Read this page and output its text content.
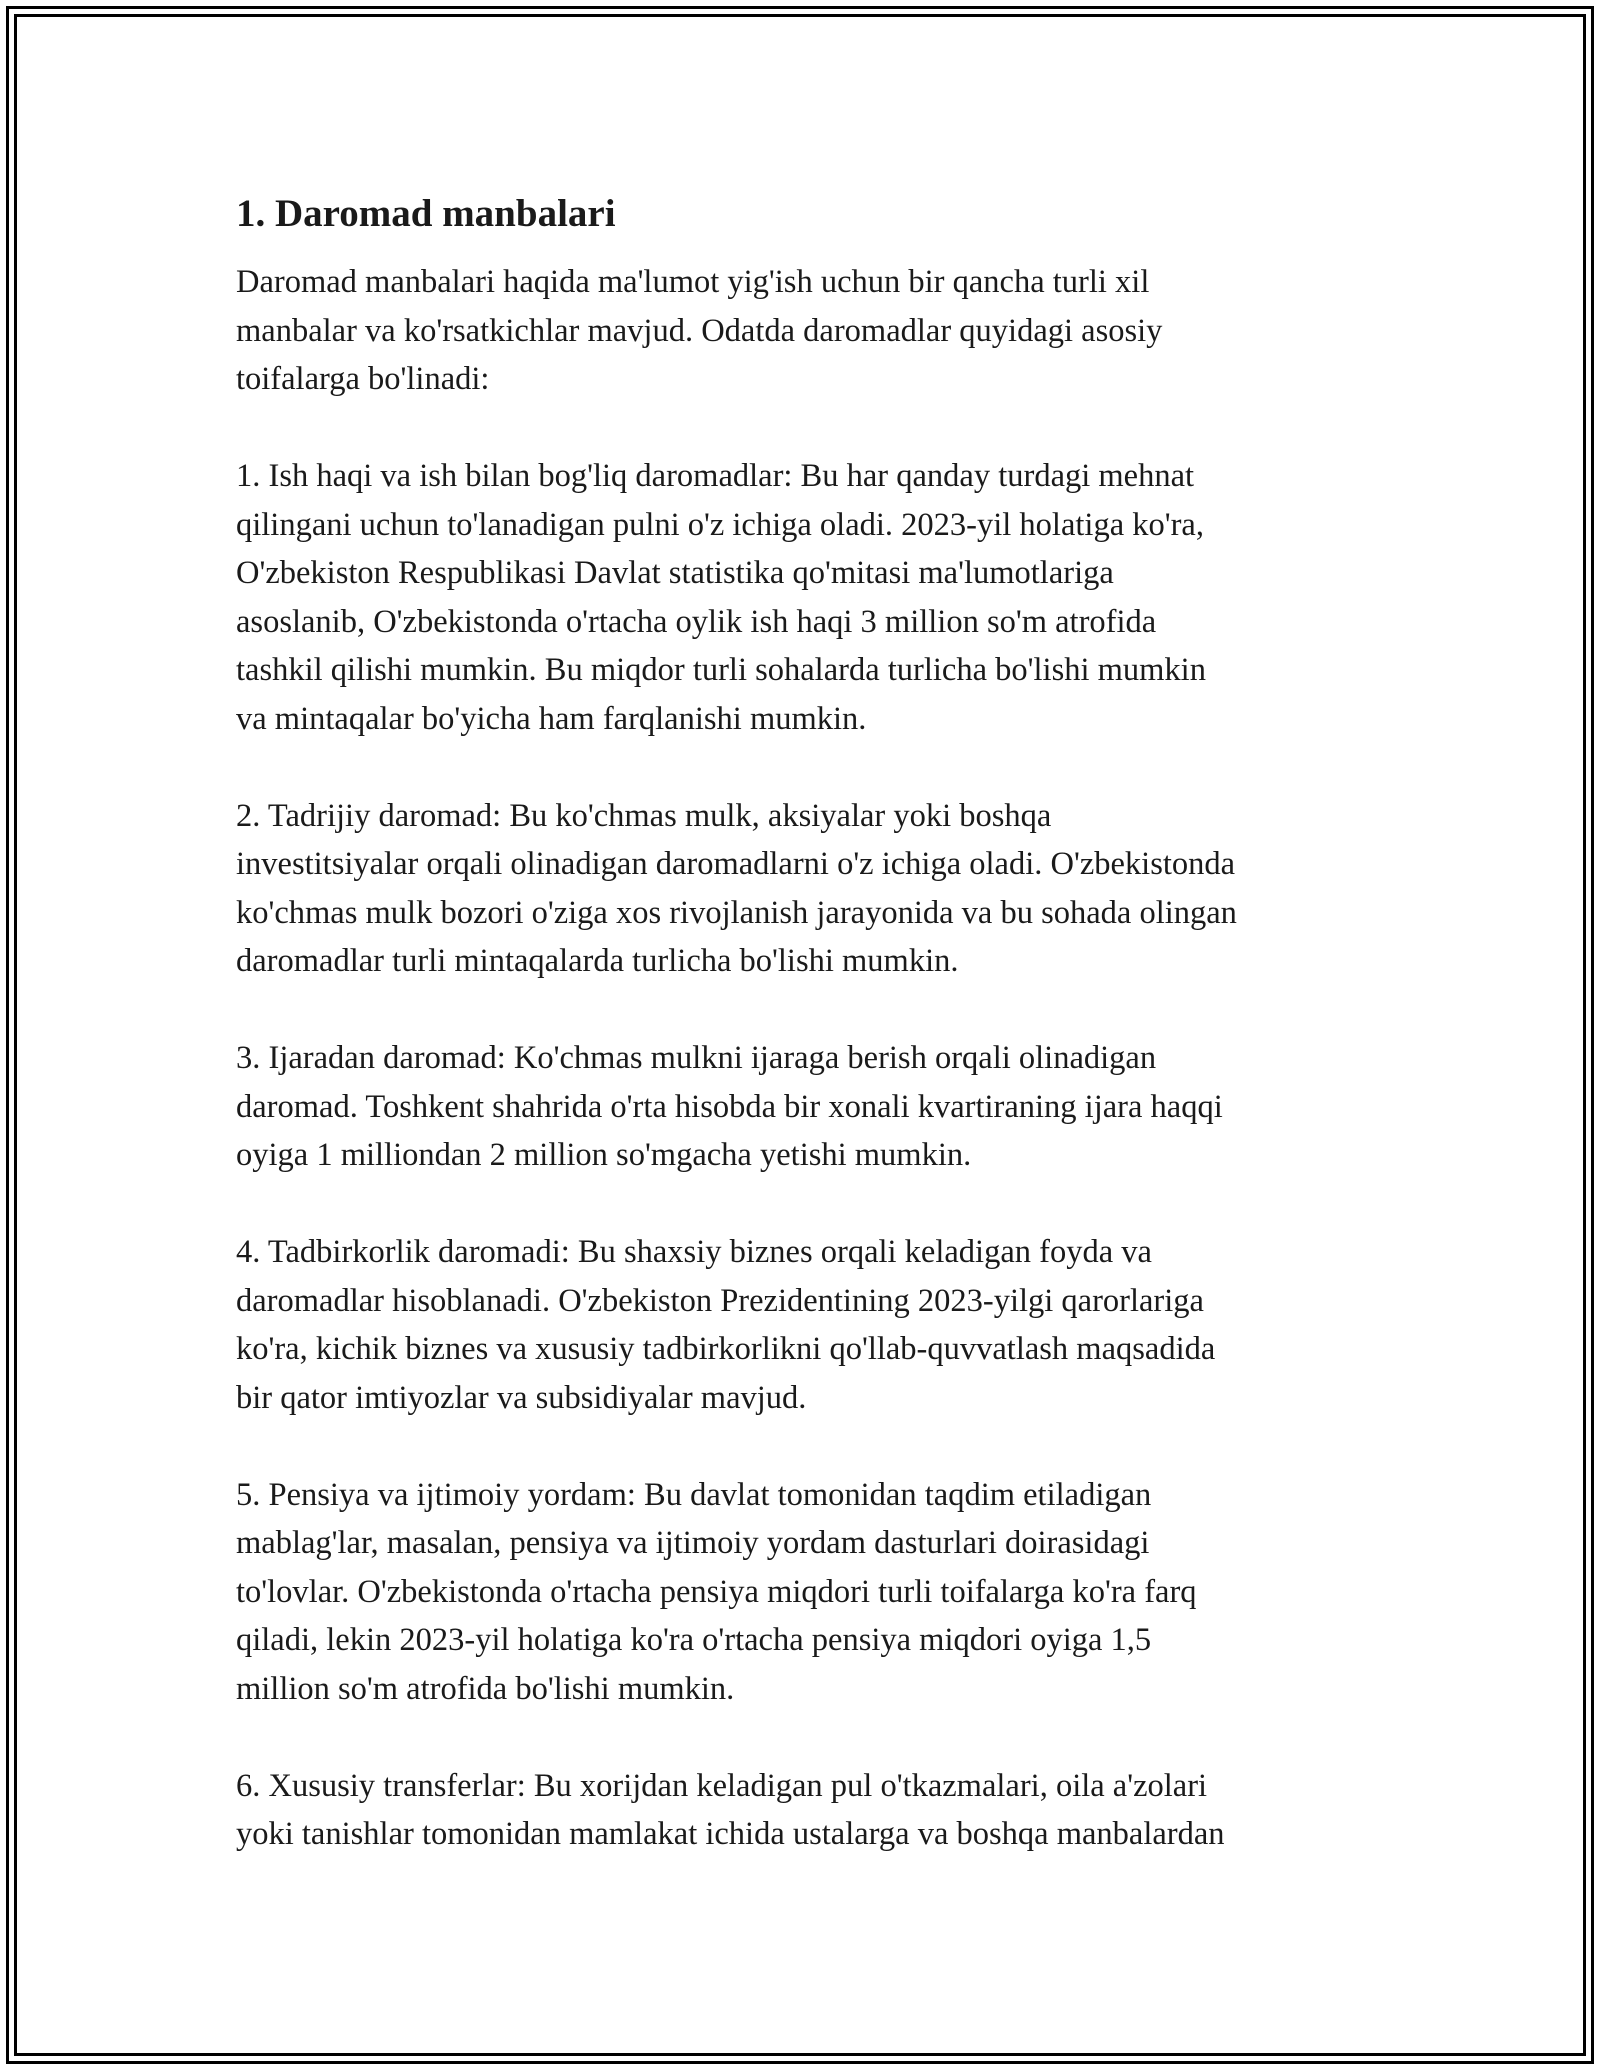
1. Daromad manbalari
Daromad manbalari haqida ma'lumot yig'ish uchun bir qancha turli xil
manbalar va ko'rsatkichlar mavjud. Odatda daromadlar quyidagi asosiy
toifalarga bo'linadi:
1. Ish haqi va ish bilan bog'liq daromadlar: Bu har qanday turdagi mehnat
qilingani uchun to'lanadigan pulni o'z ichiga oladi. 2023-yil holatiga ko'ra,
O'zbekiston Respublikasi Davlat statistika qo'mitasi ma'lumotlariga
asoslanib, O'zbekistonda o'rtacha oylik ish haqi 3 million so'm atrofida
tashkil qilishi mumkin. Bu miqdor turli sohalarda turlicha bo'lishi mumkin
va mintaqalar bo'yicha ham farqlanishi mumkin.
2. Tadrijiy daromad: Bu ko'chmas mulk, aksiyalar yoki boshqa
investitsiyalar orqali olinadigan daromadlarni o'z ichiga oladi. O'zbekistonda
ko'chmas mulk bozori o'ziga xos rivojlanish jarayonida va bu sohada olingan
daromadlar turli mintaqalarda turlicha bo'lishi mumkin.
3. Ijaradan daromad: Ko'chmas mulkni ijaraga berish orqali olinadigan
daromad. Toshkent shahrida o'rta hisobda bir xonali kvartiraning ijara haqqi
oyiga 1 milliondan 2 million so'mgacha yetishi mumkin.
4. Tadbirkorlik daromadi: Bu shaxsiy biznes orqali keladigan foyda va
daromadlar hisoblanadi. O'zbekiston Prezidentining 2023-yilgi qarorlariga
ko'ra, kichik biznes va xususiy tadbirkorlikni qo'llab-quvvatlash maqsadida
bir qator imtiyozlar va subsidiyalar mavjud.
5. Pensiya va ijtimoiy yordam: Bu davlat tomonidan taqdim etiladigan
mablag'lar, masalan, pensiya va ijtimoiy yordam dasturlari doirasidagi
to'lovlar. O'zbekistonda o'rtacha pensiya miqdori turli toifalarga ko'ra farq
qiladi, lekin 2023-yil holatiga ko'ra o'rtacha pensiya miqdori oyiga 1,5
million so'm atrofida bo'lishi mumkin.
6. Xususiy transferlar: Bu xorijdan keladigan pul o'tkazmalari, oila a'zolari
yoki tanishlar tomonidan mamlakat ichida ustalarga va boshqa manbalardan
